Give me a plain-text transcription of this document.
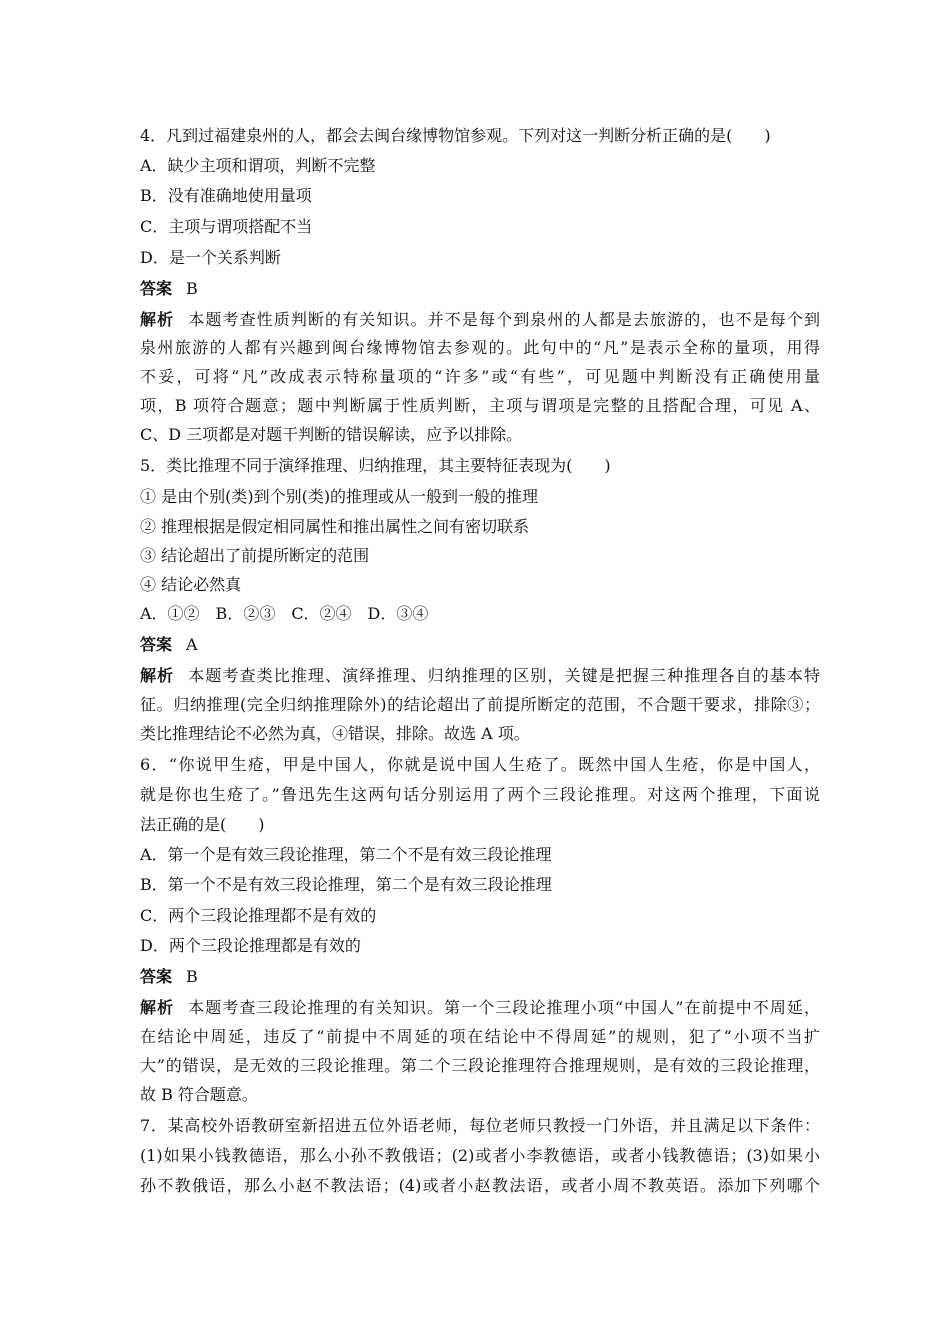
4．凡到过福建泉州的人，都会去闽台缘博物馆参观。下列对这一判断分析正确的是(　　)
A．缺少主项和谓项，判断不完整
B．没有准确地使用量项
C．主项与谓项搭配不当
D．是一个关系判断
答案 B
解析 本题考查性质判断的有关知识。并不是每个到泉州的人都是去旅游的，也不是每个到
泉州旅游的人都有兴趣到闽台缘博物馆去参观的。此句中的“凡”是表示全称的量项，用得
不妥，可将“凡”改成表示特称量项的“许多”或“有些”，可见题中判断没有正确使用量
项，B 项符合题意；题中判断属于性质判断，主项与谓项是完整的且搭配合理，可见 A、
C、D 三项都是对题干判断的错误解读，应予以排除。
5．类比推理不同于演绎推理、归纳推理，其主要特征表现为(　　)
① 是由个别(类)到个别(类)的推理或从一般到一般的推理
② 推理根据是假定相同属性和推出属性之间有密切联系
③ 结论超出了前提所断定的范围
④ 结论必然真
A．①②　B．②③　C．②④　D．③④
答案 A
解析 本题考查类比推理、演绎推理、归纳推理的区别，关键是把握三种推理各自的基本特
征。归纳推理(完全归纳推理除外)的结论超出了前提所断定的范围，不合题干要求，排除③；
类比推理结论不必然为真，④错误，排除。故选 A 项。
6．“你说甲生疮，甲是中国人，你就是说中国人生疮了。既然中国人生疮，你是中国人，
就是你也生疮了。”鲁迅先生这两句话分别运用了两个三段论推理。对这两个推理，下面说
法正确的是(　　)
A．第一个是有效三段论推理，第二个不是有效三段论推理
B．第一个不是有效三段论推理，第二个是有效三段论推理
C．两个三段论推理都不是有效的
D．两个三段论推理都是有效的
答案 B
解析 本题考查三段论推理的有关知识。第一个三段论推理小项“中国人”在前提中不周延，
在结论中周延，违反了“前提中不周延的项在结论中不得周延”的规则，犯了“小项不当扩
大”的错误，是无效的三段论推理。第二个三段论推理符合推理规则，是有效的三段论推理，
故 B 符合题意。
7．某高校外语教研室新招进五位外语老师，每位老师只教授一门外语，并且满足以下条件：
(1)如果小钱教德语，那么小孙不教俄语；(2)或者小李教德语，或者小钱教德语；(3)如果小
孙不教俄语，那么小赵不教法语；(4)或者小赵教法语，或者小周不教英语。添加下列哪个
